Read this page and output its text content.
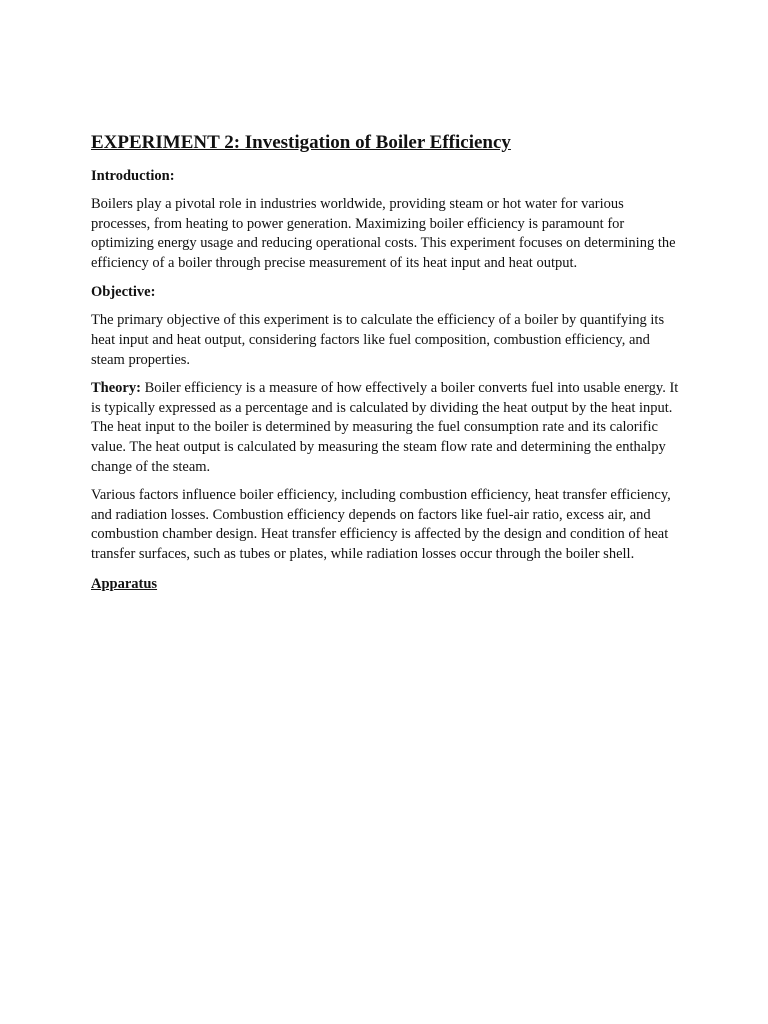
EXPERIMENT 2: Investigation of Boiler Efficiency
Introduction:

Boilers play a pivotal role in industries worldwide, providing steam or hot water for various processes, from heating to power generation. Maximizing boiler efficiency is paramount for optimizing energy usage and reducing operational costs. This experiment focuses on determining the efficiency of a boiler through precise measurement of its heat input and heat output.

Objective:

The primary objective of this experiment is to calculate the efficiency of a boiler by quantifying its heat input and heat output, considering factors like fuel composition, combustion efficiency, and steam properties.

Theory: Boiler efficiency is a measure of how effectively a boiler converts fuel into usable energy. It is typically expressed as a percentage and is calculated by dividing the heat output by the heat input. The heat input to the boiler is determined by measuring the fuel consumption rate and its calorific value. The heat output is calculated by measuring the steam flow rate and determining the enthalpy change of the steam.

Various factors influence boiler efficiency, including combustion efficiency, heat transfer efficiency, and radiation losses. Combustion efficiency depends on factors like fuel-air ratio, excess air, and combustion chamber design. Heat transfer efficiency is affected by the design and condition of heat transfer surfaces, such as tubes or plates, while radiation losses occur through the boiler shell.

Apparatus
